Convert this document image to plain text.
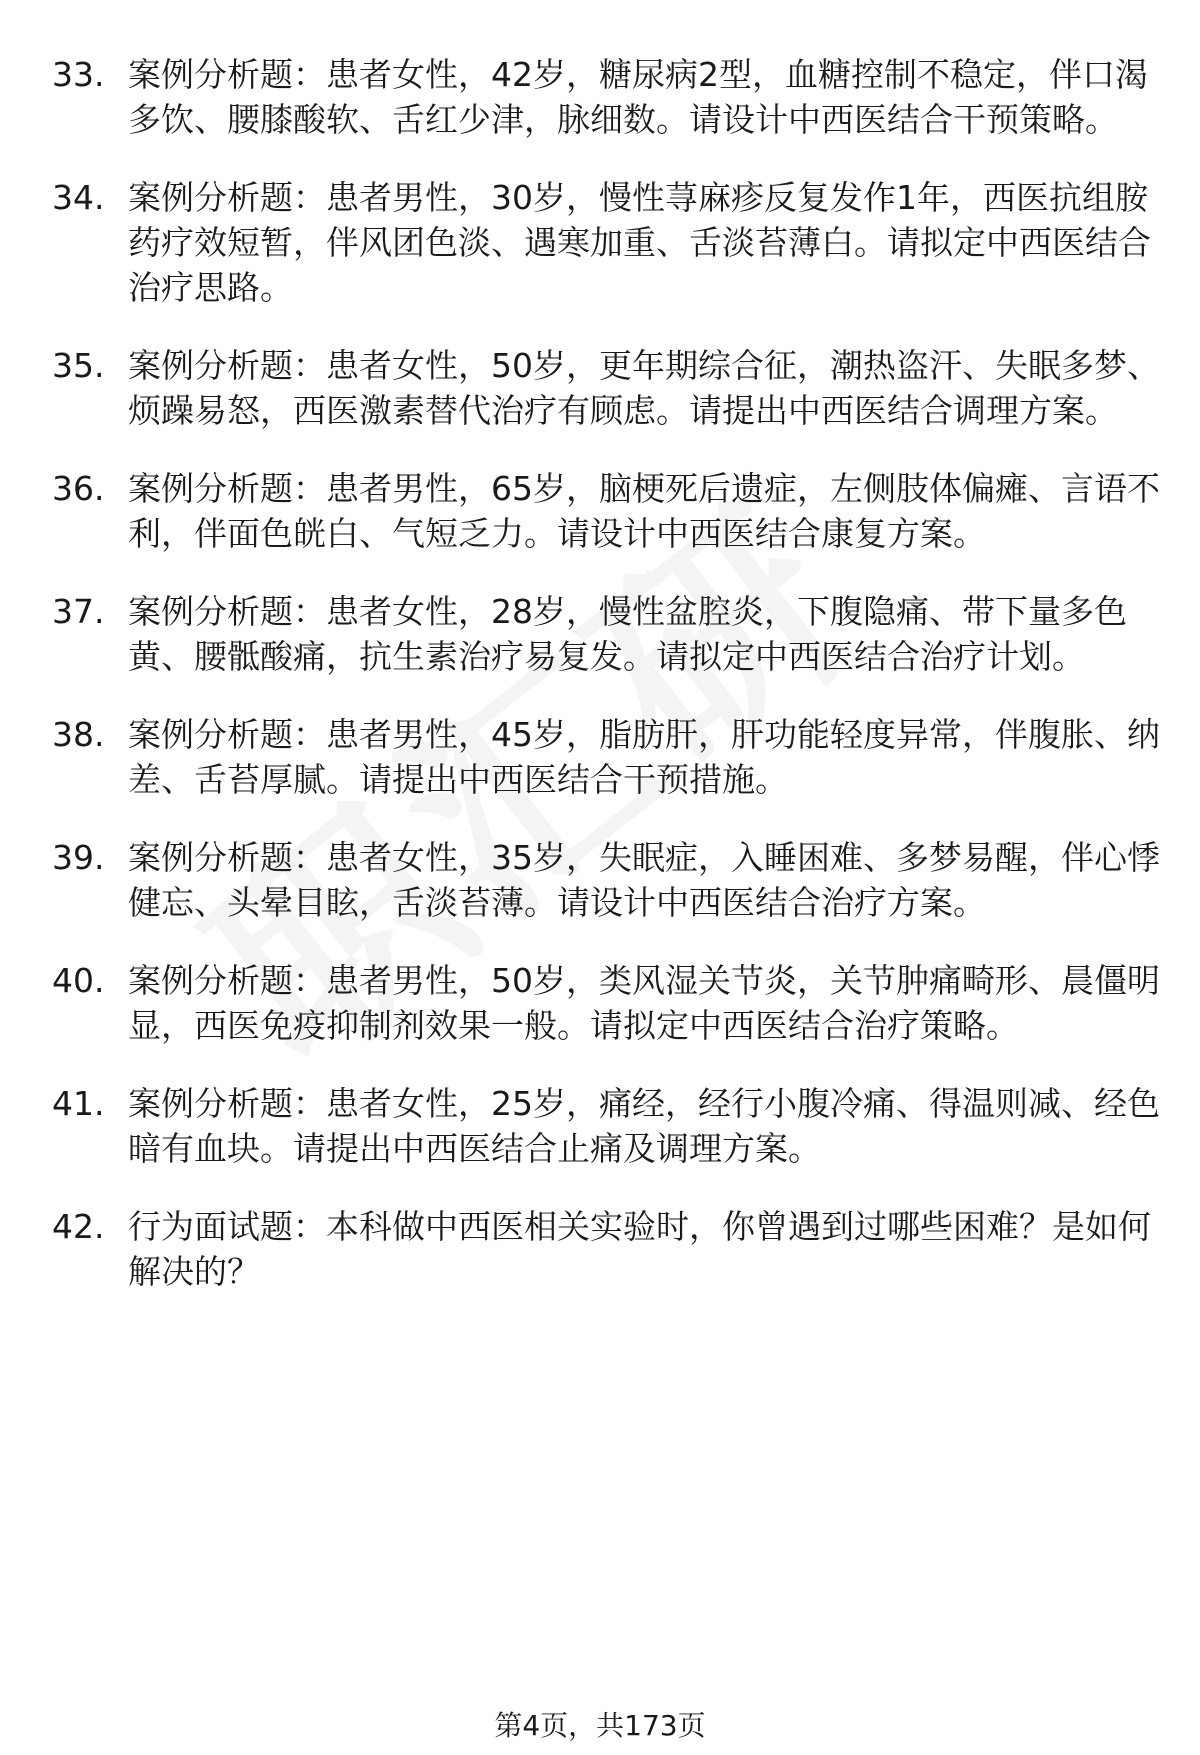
33. 案例分析题：患者女性，42岁，糖尿病2型，血糖控制不稳定，伴口渴多饮、腰膝酸软、舌红少津，脉细数。请设计中西医结合干预策略。
34. 案例分析题：患者男性，30岁，慢性荨麻疹反复发作1年，西医抗组胺药疗效短暂，伴风团色淡、遇寒加重、舌淡苔薄白。请拟定中西医结合治疗思路。
35. 案例分析题：患者女性，50岁，更年期综合征，潮热盗汗、失眠多梦、烦躁易怒，西医激素替代治疗有顾虑。请提出中西医结合调理方案。
36. 案例分析题：患者男性，65岁，脑梗死后遗症，左侧肢体偏瘫、言语不利，伴面色㿠白、气短乏力。请设计中西医结合康复方案。
37. 案例分析题：患者女性，28岁，慢性盆腔炎，下腹隐痛、带下量多色黄、腰骶酸痛，抗生素治疗易复发。请拟定中西医结合治疗计划。
38. 案例分析题：患者男性，45岁，脂肪肝，肝功能轻度异常，伴腹胀、纳差、舌苔厚腻。请提出中西医结合干预措施。
39. 案例分析题：患者女性，35岁，失眠症，入睡困难、多梦易醒，伴心悸健忘、头晕目眩，舌淡苔薄。请设计中西医结合治疗方案。
40. 案例分析题：患者男性，50岁，类风湿关节炎，关节肿痛畸形、晨僵明显，西医免疫抑制剂效果一般。请拟定中西医结合治疗策略。
41. 案例分析题：患者女性，25岁，痛经，经行小腹冷痛、得温则减、经色暗有血块。请提出中西医结合止痛及调理方案。
42. 行为面试题：本科做中西医相关实验时，你曾遇到过哪些困难？是如何解决的？
第4页，共173页
